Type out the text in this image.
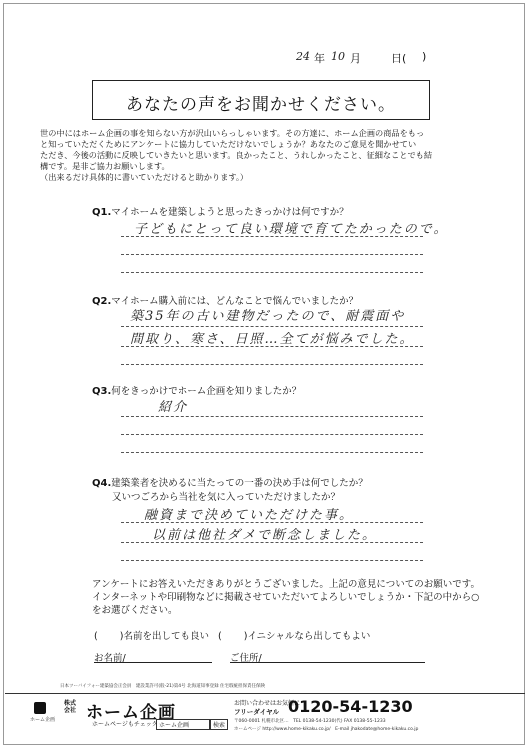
24 年 10 月	日( )
あなたの声をお聞かせください。
世の中にはホーム企画の事を知らない方が沢山いらっしゃいます。その方達に、ホーム企画の商品をもっ
と知っていただくためにアンケートに協力していただけないでしょうか？あなたのご意見を聞かせてい
ただき、今後の活動に反映していきたいと思います。良かったこと、うれしかったこと、征細なことでも結
構です。是非ご協力お願いします。
（出来るだけ具体的に書いていただけると助かります。）
Q1.マイホームを建築しようと思ったきっかけは何ですか？
子どもにとって良い環境で育てたかったので。
Q2.マイホーム購入前には、どんなことで悩んでいましたか？
築35年の古い建物だったので、耐震面や
間取り、寒さ、日照…全てが悩みでした。
Q3.何をきっかけでホーム企画を知りましたか？
紹介
Q4.建築業者を決めるに当たっての一番の決め手は何でしたか？
又いつごろから当社を気に入っていただけましたか？
融資まで決めていただけた事。
以前は他社ダメで断念しました。
アンケートにお答えいただきありがとうございました。上記の意見についてのお願いです。
インターネットや印刷物などに掲載させていただいてよろしいでしょうか・下記の中から○
をお選びください。
( )名前を出しても良い ( )イニシャルなら出してもよい
お名前/	ご住所/
日本ツーバイフォー建築協会正会員　建設業許可(般-21)第4号 北海道知事登録 住宅瑕疵担保責任保険
ホーム企画
株式
会社 ホーム企画	お問い合わせはお気軽に
フリーダイヤル 0120-54-1230
ホームページもチェック ホーム企画	検索
〒060-0001 札幌市北区…　TEL 0138-54-1230(代) FAX 0138-55-1233
ホームページ http://www.home-kikaku.co.jp/　E-mail jhakodate@home-kikaku.co.jp
